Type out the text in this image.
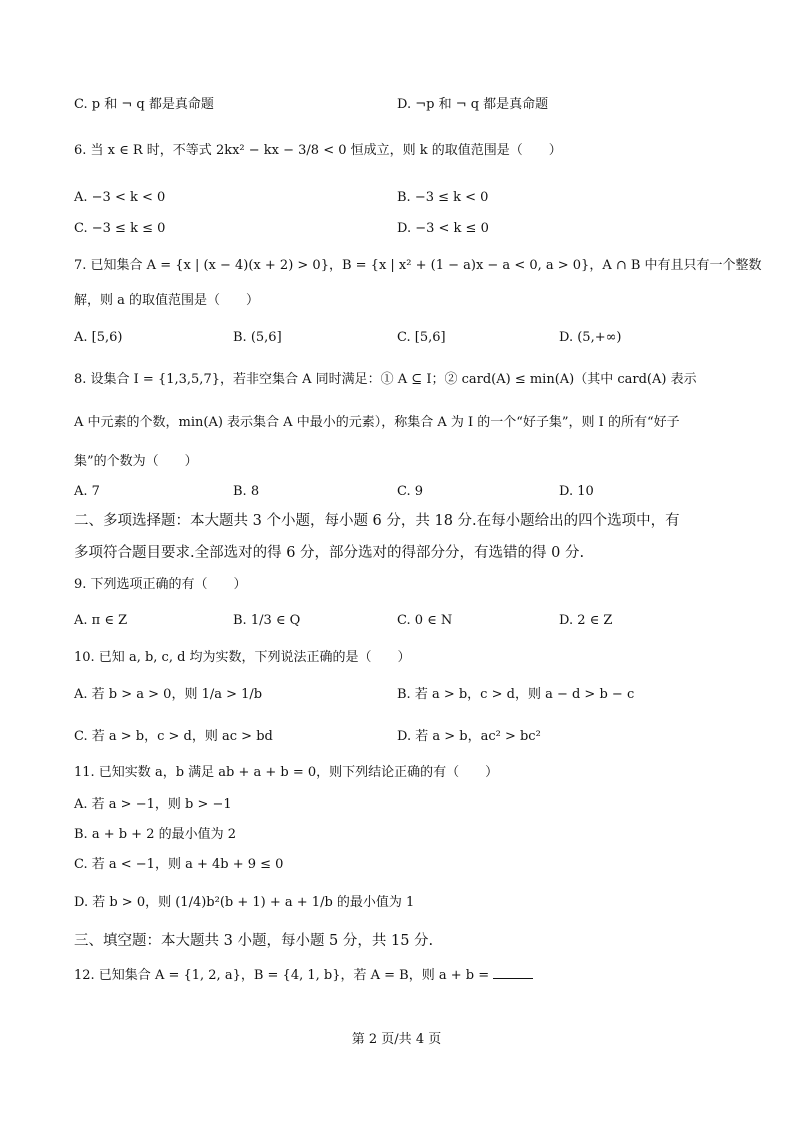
C. p 和 ¬ q 都是真命题	D. ¬p 和 ¬ q 都是真命题
6. 当 x ∈ R 时，不等式 2kx² − kx − 3/8 < 0 恒成立，则 k 的取值范围是（　　）
A. −3 < k < 0	B. −3 ≤ k < 0
C. −3 ≤ k ≤ 0	D. −3 < k ≤ 0
7. 已知集合 A = {x | (x − 4)(x + 2) > 0}，B = {x | x² + (1 − a)x − a < 0, a > 0}，A ∩ B 中有且只有一个整数
解，则 a 的取值范围是（　　）
A. [5,6)	B. (5,6]	C. [5,6]	D. (5,+∞)
8. 设集合 I = {1,3,5,7}，若非空集合 A 同时满足：① A ⊆ I；② card(A) ≤ min(A)（其中 card(A) 表示
A 中元素的个数，min(A) 表示集合 A 中最小的元素），称集合 A 为 I 的一个“好子集”，则 I 的所有“好子
集”的个数为（　　）
A. 7	B. 8	C. 9	D. 10
二、多项选择题：本大题共 3 个小题，每小题 6 分，共 18 分.在每小题给出的四个选项中，有
多项符合题目要求.全部选对的得 6 分，部分选对的得部分分，有选错的得 0 分.
9. 下列选项正确的有（　　）
A. π ∈ Z	B. 1/3 ∈ Q	C. 0 ∈ N	D. 2 ∈ Z
10. 已知 a, b, c, d 均为实数，下列说法正确的是（　　）
A. 若 b > a > 0，则 1/a > 1/b	B. 若 a > b，c > d，则 a − d > b − c
C. 若 a > b，c > d，则 ac > bd	D. 若 a > b，ac² > bc²
11. 已知实数 a，b 满足 ab + a + b = 0，则下列结论正确的有（　　）
A. 若 a > −1，则 b > −1
B. a + b + 2 的最小值为 2
C. 若 a < −1，则 a + 4b + 9 ≤ 0
D. 若 b > 0，则 (1/4)b²(b + 1) + a + 1/b 的最小值为 1
三、填空题：本大题共 3 小题，每小题 5 分，共 15 分.
12. 已知集合 A = {1, 2, a}，B = {4, 1, b}，若 A = B，则 a + b =
第 2 页/共 4 页
